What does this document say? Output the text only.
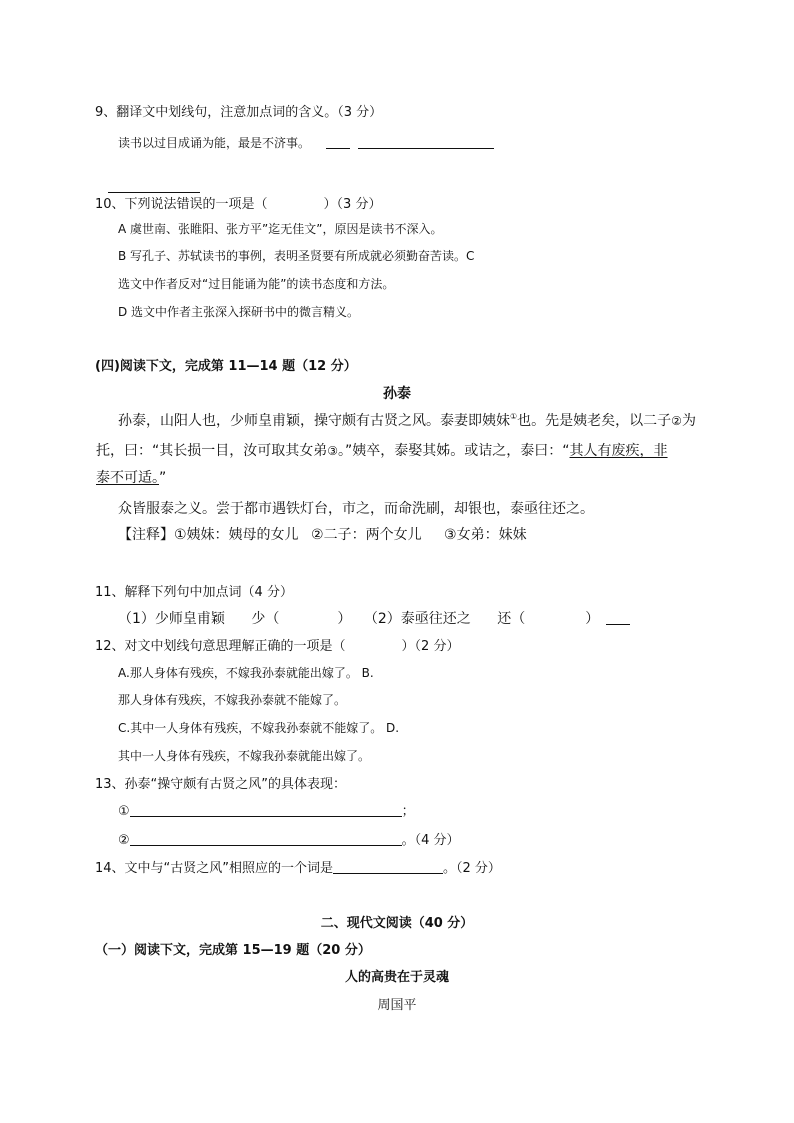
9、翻译文中划线句，注意加点词的含义。（3 分）
读书以过目成诵为能，最是不济事。
10、下列说法错误的一项是（	）（3 分）
A 虞世南、张睢阳、张方平”迄无佳文”，原因是读书不深入。
B 写孔子、苏轼读书的事例，表明圣贤要有所成就必须勤奋苦读。C
选文中作者反对“过目能诵为能”的读书态度和方法。
D 选文中作者主张深入探研书中的微言精义。
(四)阅读下文，完成第 11—14 题（12 分）
孙泰
孙泰，山阳人也，少师皇甫颖，操守颇有古贤之风。泰妻即姨妹①也。先是姨老矣，以二子②为
托，曰：“其长损一目，汝可取其女弟③。”姨卒，泰娶其姊。或诘之，泰曰：“其人有废疾，非
泰不可适。”
众皆服泰之义。尝于都市遇铁灯台，市之，而命洗刷，却银也，泰亟往还之。
【注释】①姨妹：姨母的女儿 ②二子：两个女儿 ③女弟：妹妹
11、解释下列句中加点词（4 分）
（1）少师皇甫颖 少（	） （2）泰亟往还之 还（	）
12、对文中划线句意思理解正确的一项是（	）（2 分）
A.那人身体有残疾，不嫁我孙泰就能出嫁了。 B.
那人身体有残疾，不嫁我孙泰就不能嫁了。
C.其中一人身体有残疾，不嫁我孙泰就不能嫁了。 D.
其中一人身体有残疾，不嫁我孙泰就能出嫁了。
13、孙泰“操守颇有古贤之风”的具体表现：
①	；
②	。（4 分）
14、文中与“古贤之风”相照应的一个词是	。（2 分）
二、现代文阅读（40 分）
（一）阅读下文，完成第 15—19 题（20 分）
人的高贵在于灵魂
周国平
